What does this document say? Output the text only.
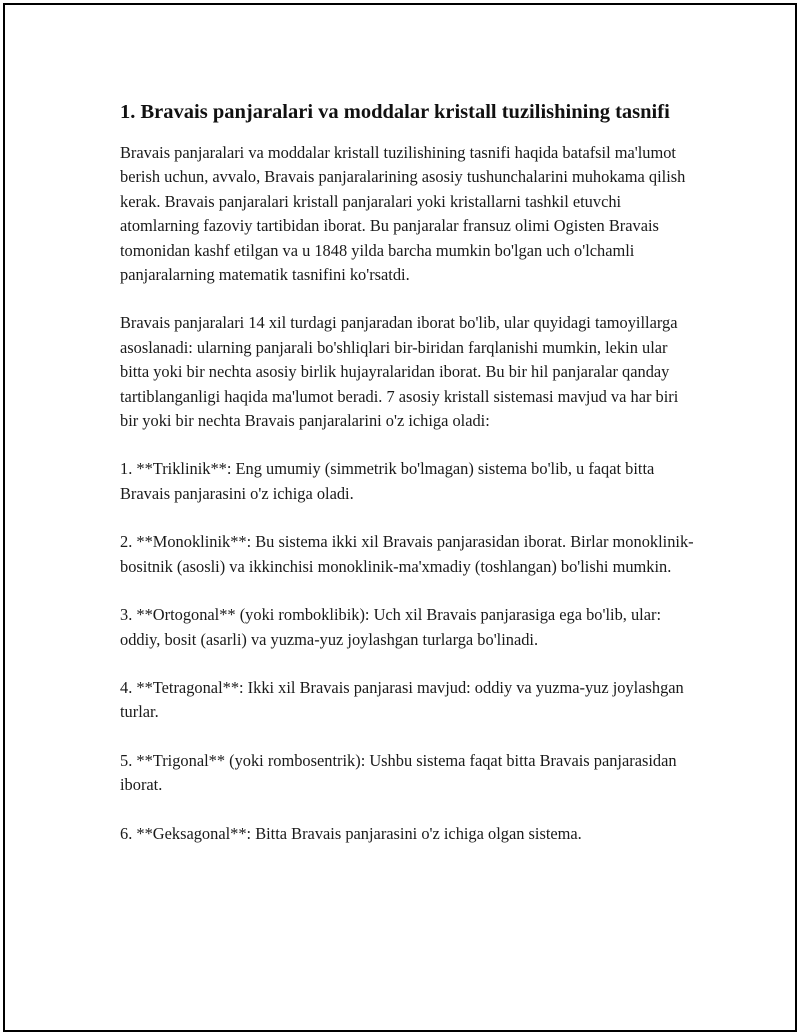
1. Bravais panjaralari va moddalar kristall tuzilishining tasnifi

Bravais panjaralari va moddalar kristall tuzilishining tasnifi haqida batafsil ma'lumot berish uchun, avvalo, Bravais panjaralarining asosiy tushunchalarini muhokama qilish kerak. Bravais panjaralari kristall panjaralari yoki kristallarni tashkil etuvchi atomlarning fazoviy tartibidan iborat. Bu panjaralar fransuz olimi Ogisten Bravais tomonidan kashf etilgan va u 1848 yilda barcha mumkin bo'lgan uch o'lchamli panjaralarning matematik tasnifini ko'rsatdi.

Bravais panjaralari 14 xil turdagi panjaradan iborat bo'lib, ular quyidagi tamoyillarga asoslanadi: ularning panjarali bo'shliqlari bir-biridan farqlanishi mumkin, lekin ular bitta yoki bir nechta asosiy birlik hujayralaridan iborat. Bu bir hil panjaralar qanday tartiblanganligi haqida ma'lumot beradi. 7 asosiy kristall sistemasi mavjud va har biri bir yoki bir nechta Bravais panjaralarini o'z ichiga oladi:

1. **Triklinik**: Eng umumiy (simmetrik bo'lmagan) sistema bo'lib, u faqat bitta Bravais panjarasini o'z ichiga oladi.

2. **Monoklinik**: Bu sistema ikki xil Bravais panjarasidan iborat. Birlar monoklinik-bositnik (asosli) va ikkinchisi monoklinik-ma'xmadiy (toshlangan) bo'lishi mumkin.

3. **Ortogonal** (yoki romboklibik): Uch xil Bravais panjarasiga ega bo'lib, ular: oddiy, bosit (asarli) va yuzma-yuz joylashgan turlarga bo'linadi.

4. **Tetragonal**: Ikki xil Bravais panjarasi mavjud: oddiy va yuzma-yuz joylashgan turlar.

5. **Trigonal** (yoki rombosentrik): Ushbu sistema faqat bitta Bravais panjarasidan iborat.

6. **Geksagonal**: Bitta Bravais panjarasini o'z ichiga olgan sistema.
